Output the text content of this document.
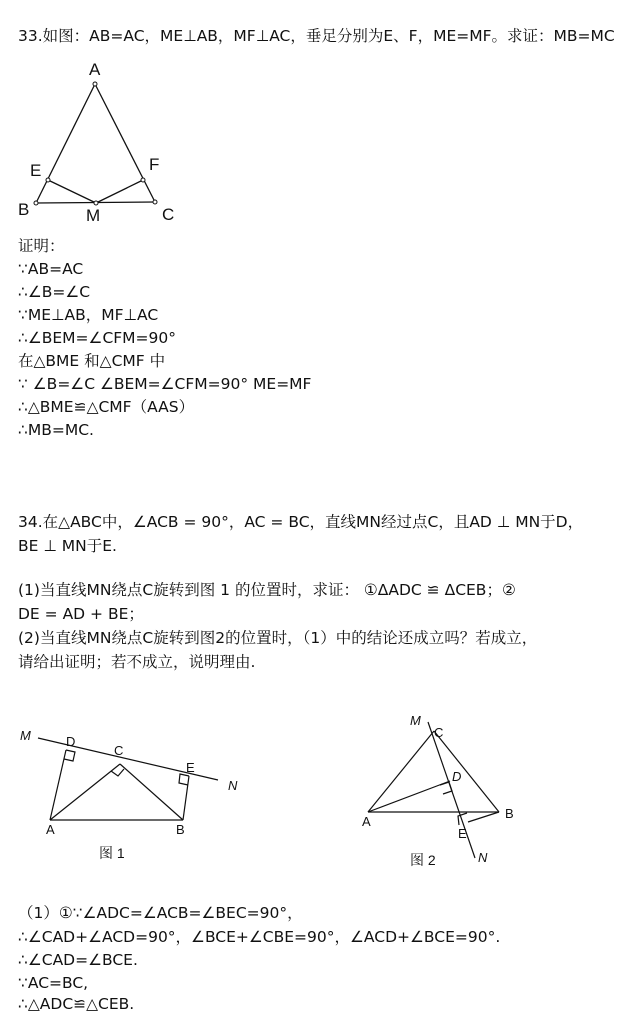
33.如图：AB=AC，ME⊥AB，MF⊥AC，垂足分别为E、F，ME=MF。求证：MB=MC
A
B	C
E	F
M
证明：
∵AB=AC
∴∠B=∠C
∵ME⊥AB，MF⊥AC
∴∠BEM=∠CFM=90°
在△BME 和△CMF 中
∵ ∠B=∠C ∠BEM=∠CFM=90° ME=MF
∴△BME≌△CMF（AAS）
∴MB=MC.
34.在△ABC中，∠ACB = 90°，AC = BC，直线MN经过点C，且AD ⊥ MN于D，
BE ⊥ MN于E.
(1)当直线MN绕点C旋转到图 1 的位置时，求证： ①ΔADC ≌ ΔCEB；②
DE = AD + BE；
(2)当直线MN绕点C旋转到图2的位置时，（1）中的结论还成立吗？若成立，
请给出证明；若不成立，说明理由.
M	D
C
E
N
A	B
图 1
M
C
D
A
B
E
N
图 2
（1）①∵∠ADC=∠ACB=∠BEC=90°，
∴∠CAD+∠ACD=90°，∠BCE+∠CBE=90°，∠ACD+∠BCE=90°.
∴∠CAD=∠BCE.
∵AC=BC,
∴△ADC≌△CEB.
